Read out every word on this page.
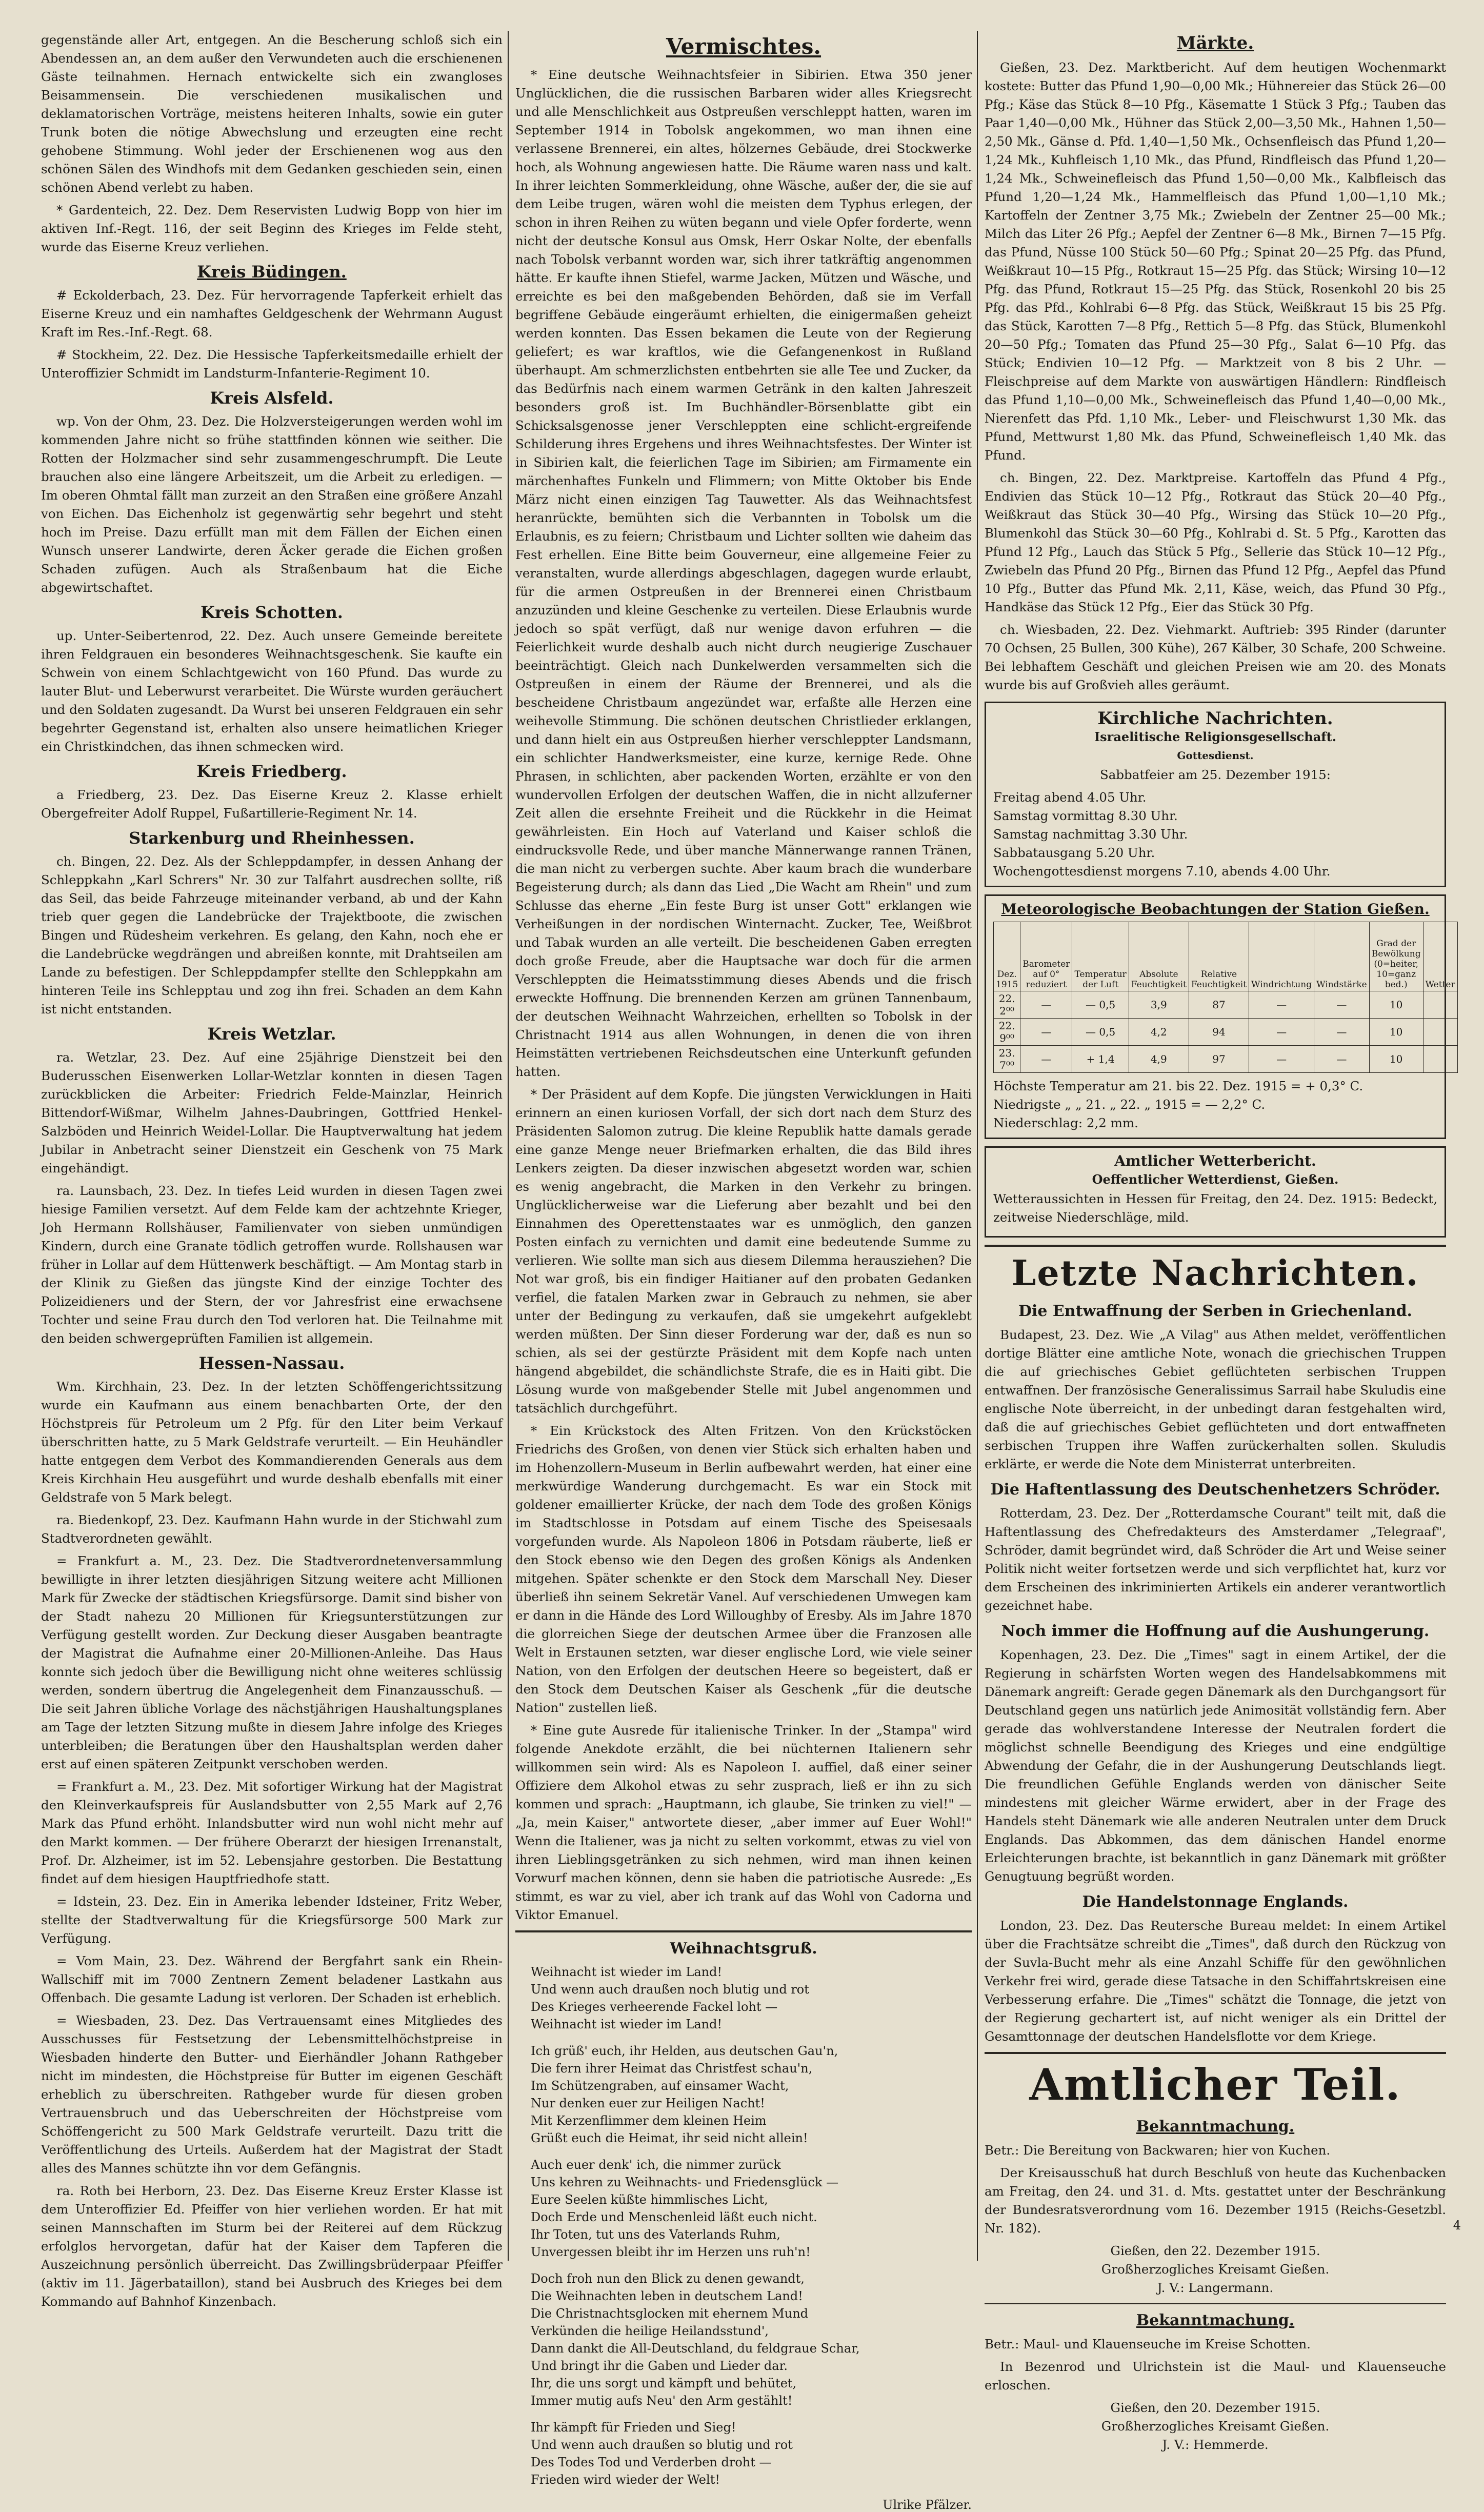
gegenstände aller Art, entgegen. An die Bescherung schloß sich ein Abendessen an, an dem außer den Verwundeten auch die erschienenen Gäste teilnahmen. Hernach entwickelte sich ein zwangloses Beisammensein. Die verschiedenen musikalischen und deklamatorischen Vorträge, meistens heiteren Inhalts, sowie ein guter Trunk boten die nötige Abwechslung und erzeugten eine recht gehobene Stimmung. Wohl jeder der Erschienenen wog aus den schönen Sälen des Windhofs mit dem Gedanken geschieden sein, einen schönen Abend verlebt zu haben.

* Gardenteich, 22. Dez. Dem Reservisten Ludwig Bopp von hier im aktiven Inf.-Regt. 116, der seit Beginn des Krieges im Felde steht, wurde das Eiserne Kreuz verliehen.

Kreis Büdingen.

# Eckolderbach, 23. Dez. Für hervorragende Tapferkeit erhielt das Eiserne Kreuz und ein namhaftes Geldgeschenk der Wehrmann August Kraft im Res.-Inf.-Regt. 68.

# Stockheim, 22. Dez. Die Hessische Tapferkeitsmedaille erhielt der Unteroffizier Schmidt im Landsturm-Infanterie-Regiment 10.

Kreis Alsfeld.

wp. Von der Ohm, 23. Dez. Die Holzversteigerungen werden wohl im kommenden Jahre nicht so frühe stattfinden können wie seither. Die Rotten der Holzmacher sind sehr zusammengeschrumpft. Die Leute brauchen also eine längere Arbeitszeit, um die Arbeit zu erledigen. — Im oberen Ohmtal fällt man zurzeit an den Straßen eine größere Anzahl von Eichen. Das Eichenholz ist gegenwärtig sehr begehrt und steht hoch im Preise. Dazu erfüllt man mit dem Fällen der Eichen einen Wunsch unserer Landwirte, deren Äcker gerade die Eichen großen Schaden zufügen. Auch als Straßenbaum hat die Eiche abgewirtschaftet.

Kreis Schotten.

up. Unter-Seibertenrod, 22. Dez. Auch unsere Gemeinde bereitete ihren Feldgrauen ein besonderes Weihnachtsgeschenk. Sie kaufte ein Schwein von einem Schlachtgewicht von 160 Pfund. Das wurde zu lauter Blut- und Leberwurst verarbeitet. Die Würste wurden geräuchert und den Soldaten zugesandt. Da Wurst bei unseren Feldgrauen ein sehr begehrter Gegenstand ist, erhalten also unsere heimatlichen Krieger ein Christkindchen, das ihnen schmecken wird.

Kreis Friedberg.

a Friedberg, 23. Dez. Das Eiserne Kreuz 2. Klasse erhielt Obergefreiter Adolf Ruppel, Fußartillerie-Regiment Nr. 14.

Starkenburg und Rheinhessen.

ch. Bingen, 22. Dez. Als der Schleppdampfer, in dessen Anhang der Schleppkahn „Karl Schrers" Nr. 30 zur Talfahrt ausdrechen sollte, riß das Seil, das beide Fahrzeuge miteinander verband, ab und der Kahn trieb quer gegen die Landebrücke der Trajektboote, die zwischen Bingen und Rüdesheim verkehren. Es gelang, den Kahn, noch ehe er die Landebrücke wegdrängen und abreißen konnte, mit Drahtseilen am Lande zu befestigen. Der Schleppdampfer stellte den Schleppkahn am hinteren Teile ins Schlepptau und zog ihn frei. Schaden an dem Kahn ist nicht entstanden.

Kreis Wetzlar.

ra. Wetzlar, 23. Dez. Auf eine 25jährige Dienstzeit bei den Buderusschen Eisenwerken Lollar-Wetzlar konnten in diesen Tagen zurückblicken die Arbeiter: Friedrich Felde-Mainzlar, Heinrich Bittendorf-Wißmar, Wilhelm Jahnes-Daubringen, Gottfried Henkel-Salzböden und Heinrich Weidel-Lollar. Die Hauptverwaltung hat jedem Jubilar in Anbetracht seiner Dienstzeit ein Geschenk von 75 Mark eingehändigt.

ra. Launsbach, 23. Dez. In tiefes Leid wurden in diesen Tagen zwei hiesige Familien versetzt. Auf dem Felde kam der achtzehnte Krieger, Joh Hermann Rollshäuser, Familienvater von sieben unmündigen Kindern, durch eine Granate tödlich getroffen wurde. Rollshausen war früher in Lollar auf dem Hüttenwerk beschäftigt. — Am Montag starb in der Klinik zu Gießen das jüngste Kind der einzige Tochter des Polizeidieners und der Stern, der vor Jahresfrist eine erwachsene Tochter und seine Frau durch den Tod verloren hat. Die Teilnahme mit den beiden schwergeprüften Familien ist allgemein.

Hessen-Nassau.

Wm. Kirchhain, 23. Dez. In der letzten Schöffengerichtssitzung wurde ein Kaufmann aus einem benachbarten Orte, der den Höchstpreis für Petroleum um 2 Pfg. für den Liter beim Verkauf überschritten hatte, zu 5 Mark Geldstrafe verurteilt. — Ein Heuhändler hatte entgegen dem Verbot des Kommandierenden Generals aus dem Kreis Kirchhain Heu ausgeführt und wurde deshalb ebenfalls mit einer Geldstrafe von 5 Mark belegt.

ra. Biedenkopf, 23. Dez. Kaufmann Hahn wurde in der Stichwahl zum Stadtverordneten gewählt.

= Frankfurt a. M., 23. Dez. Die Stadtverordnetenversammlung bewilligte in ihrer letzten diesjährigen Sitzung weitere acht Millionen Mark für Zwecke der städtischen Kriegsfürsorge. Damit sind bisher von der Stadt nahezu 20 Millionen für Kriegsunterstützungen zur Verfügung gestellt worden. Zur Deckung dieser Ausgaben beantragte der Magistrat die Aufnahme einer 20-Millionen-Anleihe. Das Haus konnte sich jedoch über die Bewilligung nicht ohne weiteres schlüssig werden, sondern übertrug die Angelegenheit dem Finanzausschuß. — Die seit Jahren übliche Vorlage des nächstjährigen Haushaltungsplanes am Tage der letzten Sitzung mußte in diesem Jahre infolge des Krieges unterbleiben; die Beratungen über den Haushaltsplan werden daher erst auf einen späteren Zeitpunkt verschoben werden.

= Frankfurt a. M., 23. Dez. Mit sofortiger Wirkung hat der Magistrat den Kleinverkaufspreis für Auslandsbutter von 2,55 Mark auf 2,76 Mark das Pfund erhöht. Inlandsbutter wird nun wohl nicht mehr auf den Markt kommen. — Der frühere Oberarzt der hiesigen Irrenanstalt, Prof. Dr. Alzheimer, ist im 52. Lebensjahre gestorben. Die Bestattung findet auf dem hiesigen Hauptfriedhofe statt.

= Idstein, 23. Dez. Ein in Amerika lebender Idsteiner, Fritz Weber, stellte der Stadtverwaltung für die Kriegsfürsorge 500 Mark zur Verfügung.

= Vom Main, 23. Dez. Während der Bergfahrt sank ein Rhein-Wallschiff mit im 7000 Zentnern Zement beladener Lastkahn aus Offenbach. Die gesamte Ladung ist verloren. Der Schaden ist erheblich.

= Wiesbaden, 23. Dez. Das Vertrauensamt eines Mitgliedes des Ausschusses für Festsetzung der Lebensmittelhöchstpreise in Wiesbaden hinderte den Butter- und Eierhändler Johann Rathgeber nicht im mindesten, die Höchstpreise für Butter im eigenen Geschäft erheblich zu überschreiten. Rathgeber wurde für diesen groben Vertrauensbruch und das Ueberschreiten der Höchstpreise vom Schöffengericht zu 500 Mark Geldstrafe verurteilt. Dazu tritt die Veröffentlichung des Urteils. Außerdem hat der Magistrat der Stadt alles des Mannes schützte ihn vor dem Gefängnis.

ra. Roth bei Herborn, 23. Dez. Das Eiserne Kreuz Erster Klasse ist dem Unteroffizier Ed. Pfeiffer von hier verliehen worden. Er hat mit seinen Mannschaften im Sturm bei der Reiterei auf dem Rückzug erfolglos hervorgetan, dafür hat der Kaiser dem Tapferen die Auszeichnung persönlich überreicht. Das Zwillingsbrüderpaar Pfeiffer (aktiv im 11. Jägerbataillon), stand bei Ausbruch des Krieges bei dem Kommando auf Bahnhof Kinzenbach.

Vermischtes.

* Eine deutsche Weihnachtsfeier in Sibirien. Etwa 350 jener Unglücklichen, die die russischen Barbaren wider alles Kriegsrecht und alle Menschlichkeit aus Ostpreußen verschleppt hatten, waren im September 1914 in Tobolsk angekommen, wo man ihnen eine verlassene Brennerei, ein altes, hölzernes Gebäude, drei Stockwerke hoch, als Wohnung angewiesen hatte. Die Räume waren nass und kalt. In ihrer leichten Sommerkleidung, ohne Wäsche, außer der, die sie auf dem Leibe trugen, wären wohl die meisten dem Typhus erlegen, der schon in ihren Reihen zu wüten begann und viele Opfer forderte, wenn nicht der deutsche Konsul aus Omsk, Herr Oskar Nolte, der ebenfalls nach Tobolsk verbannt worden war, sich ihrer tatkräftig angenommen hätte. Er kaufte ihnen Stiefel, warme Jacken, Mützen und Wäsche, und erreichte es bei den maßgebenden Behörden, daß sie im Verfall begriffene Gebäude eingeräumt erhielten, die einigermaßen geheizt werden konnten. Das Essen bekamen die Leute von der Regierung geliefert; es war kraftlos, wie die Gefangenenkost in Rußland überhaupt. Am schmerzlichsten entbehrten sie alle Tee und Zucker, da das Bedürfnis nach einem warmen Getränk in den kalten Jahreszeit besonders groß ist. Im Buchhändler-Börsenblatte gibt ein Schicksalsgenosse jener Verschleppten eine schlicht-ergreifende Schilderung ihres Ergehens und ihres Weihnachtsfestes. Der Winter ist in Sibirien kalt, die feierlichen Tage im Sibirien; am Firmamente ein märchenhaftes Funkeln und Flimmern; von Mitte Oktober bis Ende März nicht einen einzigen Tag Tauwetter. Als das Weihnachtsfest heranrückte, bemühten sich die Verbannten in Tobolsk um die Erlaubnis, es zu feiern; Christbaum und Lichter sollten wie daheim das Fest erhellen. Eine Bitte beim Gouverneur, eine allgemeine Feier zu veranstalten, wurde allerdings abgeschlagen, dagegen wurde erlaubt, für die armen Ostpreußen in der Brennerei einen Christbaum anzuzünden und kleine Geschenke zu verteilen. Diese Erlaubnis wurde jedoch so spät verfügt, daß nur wenige davon erfuhren — die Feierlichkeit wurde deshalb auch nicht durch neugierige Zuschauer beeinträchtigt. Gleich nach Dunkelwerden versammelten sich die Ostpreußen in einem der Räume der Brennerei, und als die bescheidene Christbaum angezündet war, erfaßte alle Herzen eine weihevolle Stimmung. Die schönen deutschen Christlieder erklangen, und dann hielt ein aus Ostpreußen hierher verschleppter Landsmann, ein schlichter Handwerksmeister, eine kurze, kernige Rede. Ohne Phrasen, in schlichten, aber packenden Worten, erzählte er von den wundervollen Erfolgen der deutschen Waffen, die in nicht allzuferner Zeit allen die ersehnte Freiheit und die Rückkehr in die Heimat gewährleisten. Ein Hoch auf Vaterland und Kaiser schloß die eindrucksvolle Rede, und über manche Männerwange rannen Tränen, die man nicht zu verbergen suchte. Aber kaum brach die wunderbare Begeisterung durch; als dann das Lied „Die Wacht am Rhein" und zum Schlusse das eherne „Ein feste Burg ist unser Gott" erklangen wie Verheißungen in der nordischen Winternacht. Zucker, Tee, Weißbrot und Tabak wurden an alle verteilt. Die bescheidenen Gaben erregten doch große Freude, aber die Hauptsache war doch für die armen Verschleppten die Heimatsstimmung dieses Abends und die frisch erweckte Hoffnung. Die brennenden Kerzen am grünen Tannenbaum, der deutschen Weihnacht Wahrzeichen, erhellten so Tobolsk in der Christnacht 1914 aus allen Wohnungen, in denen die von ihren Heimstätten vertriebenen Reichsdeutschen eine Unterkunft gefunden hatten.

* Der Präsident auf dem Kopfe. Die jüngsten Verwicklungen in Haiti erinnern an einen kuriosen Vorfall, der sich dort nach dem Sturz des Präsidenten Salomon zutrug. Die kleine Republik hatte damals gerade eine ganze Menge neuer Briefmarken erhalten, die das Bild ihres Lenkers zeigten. Da dieser inzwischen abgesetzt worden war, schien es wenig angebracht, die Marken in den Verkehr zu bringen. Unglücklicherweise war die Lieferung aber bezahlt und bei den Einnahmen des Operettenstaates war es unmöglich, den ganzen Posten einfach zu vernichten und damit eine bedeutende Summe zu verlieren. Wie sollte man sich aus diesem Dilemma herausziehen? Die Not war groß, bis ein findiger Haitianer auf den probaten Gedanken verfiel, die fatalen Marken zwar in Gebrauch zu nehmen, sie aber unter der Bedingung zu verkaufen, daß sie umgekehrt aufgeklebt werden müßten. Der Sinn dieser Forderung war der, daß es nun so schien, als sei der gestürzte Präsident mit dem Kopfe nach unten hängend abgebildet, die schändlichste Strafe, die es in Haiti gibt. Die Lösung wurde von maßgebender Stelle mit Jubel angenommen und tatsächlich durchgeführt.

* Ein Krückstock des Alten Fritzen. Von den Krückstöcken Friedrichs des Großen, von denen vier Stück sich erhalten haben und im Hohenzollern-Museum in Berlin aufbewahrt werden, hat einer eine merkwürdige Wanderung durchgemacht. Es war ein Stock mit goldener emaillierter Krücke, der nach dem Tode des großen Königs im Stadtschlosse in Potsdam auf einem Tische des Speisesaals vorgefunden wurde. Als Napoleon 1806 in Potsdam räuberte, ließ er den Stock ebenso wie den Degen des großen Königs als Andenken mitgehen. Später schenkte er den Stock dem Marschall Ney. Dieser überließ ihn seinem Sekretär Vanel. Auf verschiedenen Umwegen kam er dann in die Hände des Lord Willoughby of Eresby. Als im Jahre 1870 die glorreichen Siege der deutschen Armee über die Franzosen alle Welt in Erstaunen setzten, war dieser englische Lord, wie viele seiner Nation, von den Erfolgen der deutschen Heere so begeistert, daß er den Stock dem Deutschen Kaiser als Geschenk „für die deutsche Nation" zustellen ließ.

* Eine gute Ausrede für italienische Trinker. In der „Stampa" wird folgende Anekdote erzählt, die bei nüchternen Italienern sehr willkommen sein wird: Als es Napoleon I. auffiel, daß einer seiner Offiziere dem Alkohol etwas zu sehr zusprach, ließ er ihn zu sich kommen und sprach: „Hauptmann, ich glaube, Sie trinken zu viel!" — „Ja, mein Kaiser," antwortete dieser, „aber immer auf Euer Wohl!" Wenn die Italiener, was ja nicht zu selten vorkommt, etwas zu viel von ihren Lieblingsgetränken zu sich nehmen, wird man ihnen keinen Vorwurf machen können, denn sie haben die patriotische Ausrede: „Es stimmt, es war zu viel, aber ich trank auf das Wohl von Cadorna und Viktor Emanuel.

Weihnachtsgruß.

Weihnacht ist wieder im Land!

Und wenn auch draußen noch blutig und rot

Des Krieges verheerende Fackel loht —

Weihnacht ist wieder im Land!

Ich grüß' euch, ihr Helden, aus deutschen Gau'n,

Die fern ihrer Heimat das Christfest schau'n,

Im Schützengraben, auf einsamer Wacht,

Nur denken euer zur Heiligen Nacht!

Mit Kerzenflimmer dem kleinen Heim

Grüßt euch die Heimat, ihr seid nicht allein!

Auch euer denk' ich, die nimmer zurück

Uns kehren zu Weihnachts- und Friedensglück —

Eure Seelen küßte himmlisches Licht,

Doch Erde und Menschenleid läßt euch nicht.

Ihr Toten, tut uns des Vaterlands Ruhm,

Unvergessen bleibt ihr im Herzen uns ruh'n!

Doch froh nun den Blick zu denen gewandt,

Die Weihnachten leben in deutschem Land!

Die Christnachtsglocken mit ehernem Mund

Verkünden die heilige Heilandsstund',

Dann dankt die All-Deutschland, du feldgraue Schar,

Und bringt ihr die Gaben und Lieder dar.

Ihr, die uns sorgt und kämpft und behütet,

Immer mutig aufs Neu' den Arm gestählt!

Ihr kämpft für Frieden und Sieg!

Und wenn auch draußen so blutig und rot

Des Todes Tod und Verderben droht —

Frieden wird wieder der Welt!

Ulrike Pfälzer.
Märkte.

Gießen, 23. Dez. Marktbericht. Auf dem heutigen Wochenmarkt kostete: Butter das Pfund 1,90—0,00 Mk.; Hühnereier das Stück 26—00 Pfg.; Käse das Stück 8—10 Pfg., Käsematte 1 Stück 3 Pfg.; Tauben das Paar 1,40—0,00 Mk., Hühner das Stück 2,00—3,50 Mk., Hahnen 1,50—2,50 Mk., Gänse d. Pfd. 1,40—1,50 Mk., Ochsenfleisch das Pfund 1,20—1,24 Mk., Kuhfleisch 1,10 Mk., das Pfund, Rindfleisch das Pfund 1,20—1,24 Mk., Schweinefleisch das Pfund 1,50—0,00 Mk., Kalbfleisch das Pfund 1,20—1,24 Mk., Hammelfleisch das Pfund 1,00—1,10 Mk.; Kartoffeln der Zentner 3,75 Mk.; Zwiebeln der Zentner 25—00 Mk.; Milch das Liter 26 Pfg.; Aepfel der Zentner 6—8 Mk., Birnen 7—15 Pfg. das Pfund, Nüsse 100 Stück 50—60 Pfg.; Spinat 20—25 Pfg. das Pfund, Weißkraut 10—15 Pfg., Rotkraut 15—25 Pfg. das Stück; Wirsing 10—12 Pfg. das Pfund, Rotkraut 15—25 Pfg. das Stück, Rosenkohl 20 bis 25 Pfg. das Pfd., Kohlrabi 6—8 Pfg. das Stück, Weißkraut 15 bis 25 Pfg. das Stück, Karotten 7—8 Pfg., Rettich 5—8 Pfg. das Stück, Blumenkohl 20—50 Pfg.; Tomaten das Pfund 25—30 Pfg., Salat 6—10 Pfg. das Stück; Endivien 10—12 Pfg. — Marktzeit von 8 bis 2 Uhr. — Fleischpreise auf dem Markte von auswärtigen Händlern: Rindfleisch das Pfund 1,10—0,00 Mk., Schweinefleisch das Pfund 1,40—0,00 Mk., Nierenfett das Pfd. 1,10 Mk., Leber- und Fleischwurst 1,30 Mk. das Pfund, Mettwurst 1,80 Mk. das Pfund, Schweinefleisch 1,40 Mk. das Pfund.

ch. Bingen, 22. Dez. Marktpreise. Kartoffeln das Pfund 4 Pfg., Endivien das Stück 10—12 Pfg., Rotkraut das Stück 20—40 Pfg., Weißkraut das Stück 30—40 Pfg., Wirsing das Stück 10—20 Pfg., Blumenkohl das Stück 30—60 Pfg., Kohlrabi d. St. 5 Pfg., Karotten das Pfund 12 Pfg., Lauch das Stück 5 Pfg., Sellerie das Stück 10—12 Pfg., Zwiebeln das Pfund 20 Pfg., Birnen das Pfund 12 Pfg., Aepfel das Pfund 10 Pfg., Butter das Pfund Mk. 2,11, Käse, weich, das Pfund 30 Pfg., Handkäse das Stück 12 Pfg., Eier das Stück 30 Pfg.

ch. Wiesbaden, 22. Dez. Viehmarkt. Auftrieb: 395 Rinder (darunter 70 Ochsen, 25 Bullen, 300 Kühe), 267 Kälber, 30 Schafe, 200 Schweine. Bei lebhaftem Geschäft und gleichen Preisen wie am 20. des Monats wurde bis auf Großvieh alles geräumt.

Kirchliche Nachrichten.
Israelitische Religionsgesellschaft.
Gottesdienst.

Sabbatfeier am 25. Dezember 1915:

Freitag abend 4.05 Uhr.

Samstag vormittag 8.30 Uhr.

Samstag nachmittag 3.30 Uhr.

Sabbatausgang 5.20 Uhr.

Wochengottesdienst morgens 7.10, abends 4.00 Uhr.

Meteorologische Beobachtungen der Station Gießen.
Dez. 1915	Barometer auf 0° reduziert	Temperatur der Luft	Absolute Feuchtigkeit	Relative Feuchtigkeit	Windrichtung	Windstärke	Grad der Bewölkung (0=heiter, 10=ganz bed.)	Wetter
22. 2⁰⁰	—	— 0,5	3,9	87	—	—	10	
22. 9⁰⁰	—	— 0,5	4,2	94	—	—	10	
23. 7⁰⁰	—	+ 1,4	4,9	97	—	—	10	

Höchste Temperatur am 21. bis 22. Dez. 1915 = + 0,3° C.

Niedrigste „ „ 21. „ 22. „ 1915 = — 2,2° C.

Niederschlag: 2,2 mm.

Amtlicher Wetterbericht.
Oeffentlicher Wetterdienst, Gießen.

Wetteraussichten in Hessen für Freitag, den 24. Dez. 1915: Bedeckt, zeitweise Niederschläge, mild.

Letzte Nachrichten.
Die Entwaffnung der Serben in Griechenland.

Budapest, 23. Dez. Wie „A Vilag" aus Athen meldet, veröffentlichen dortige Blätter eine amtliche Note, wonach die griechischen Truppen die auf griechisches Gebiet geflüchteten serbischen Truppen entwaffnen. Der französische Generalissimus Sarrail habe Skuludis eine englische Note überreicht, in der unbedingt daran festgehalten wird, daß die auf griechisches Gebiet geflüchteten und dort entwaffneten serbischen Truppen ihre Waffen zurückerhalten sollen. Skuludis erklärte, er werde die Note dem Ministerrat unterbreiten.

Die Haftentlassung des Deutschenhetzers Schröder.

Rotterdam, 23. Dez. Der „Rotterdamsche Courant" teilt mit, daß die Haftentlassung des Chefredakteurs des Amsterdamer „Telegraaf", Schröder, damit begründet wird, daß Schröder die Art und Weise seiner Politik nicht weiter fortsetzen werde und sich verpflichtet hat, kurz vor dem Erscheinen des inkriminierten Artikels ein anderer verantwortlich gezeichnet habe.

Noch immer die Hoffnung auf die Aushungerung.

Kopenhagen, 23. Dez. Die „Times" sagt in einem Artikel, der die Regierung in schärfsten Worten wegen des Handelsabkommens mit Dänemark angreift: Gerade gegen Dänemark als den Durchgangsort für Deutschland gegen uns natürlich jede Animosität vollständig fern. Aber gerade das wohlverstandene Interesse der Neutralen fordert die möglichst schnelle Beendigung des Krieges und eine endgültige Abwendung der Gefahr, die in der Aushungerung Deutschlands liegt. Die freundlichen Gefühle Englands werden von dänischer Seite mindestens mit gleicher Wärme erwidert, aber in der Frage des Handels steht Dänemark wie alle anderen Neutralen unter dem Druck Englands. Das Abkommen, das dem dänischen Handel enorme Erleichterungen brachte, ist bekanntlich in ganz Dänemark mit größter Genugtuung begrüßt worden.

Die Handelstonnage Englands.

London, 23. Dez. Das Reutersche Bureau meldet: In einem Artikel über die Frachtsätze schreibt die „Times", daß durch den Rückzug von der Suvla-Bucht mehr als eine Anzahl Schiffe für den gewöhnlichen Verkehr frei wird, gerade diese Tatsache in den Schiffahrtskreisen eine Verbesserung erfahre. Die „Times" schätzt die Tonnage, die jetzt von der Regierung gechartert ist, auf nicht weniger als ein Drittel der Gesamttonnage der deutschen Handelsflotte vor dem Kriege.

Amtlicher Teil.
Bekanntmachung.

Betr.: Die Bereitung von Backwaren; hier von Kuchen.

Der Kreisausschuß hat durch Beschluß von heute das Kuchenbacken am Freitag, den 24. und 31. d. Mts. gestattet unter der Beschränkung der Bundesratsverordnung vom 16. Dezember 1915 (Reichs-Gesetzbl. Nr. 182).

Gießen, den 22. Dezember 1915.

Großherzogliches Kreisamt Gießen.

J. V.: Langermann.

Bekanntmachung.

Betr.: Maul- und Klauenseuche im Kreise Schotten.

In Bezenrod und Ulrichstein ist die Maul- und Klauenseuche erloschen.

Gießen, den 20. Dezember 1915.

Großherzogliches Kreisamt Gießen.

J. V.: Hemmerde.

4
